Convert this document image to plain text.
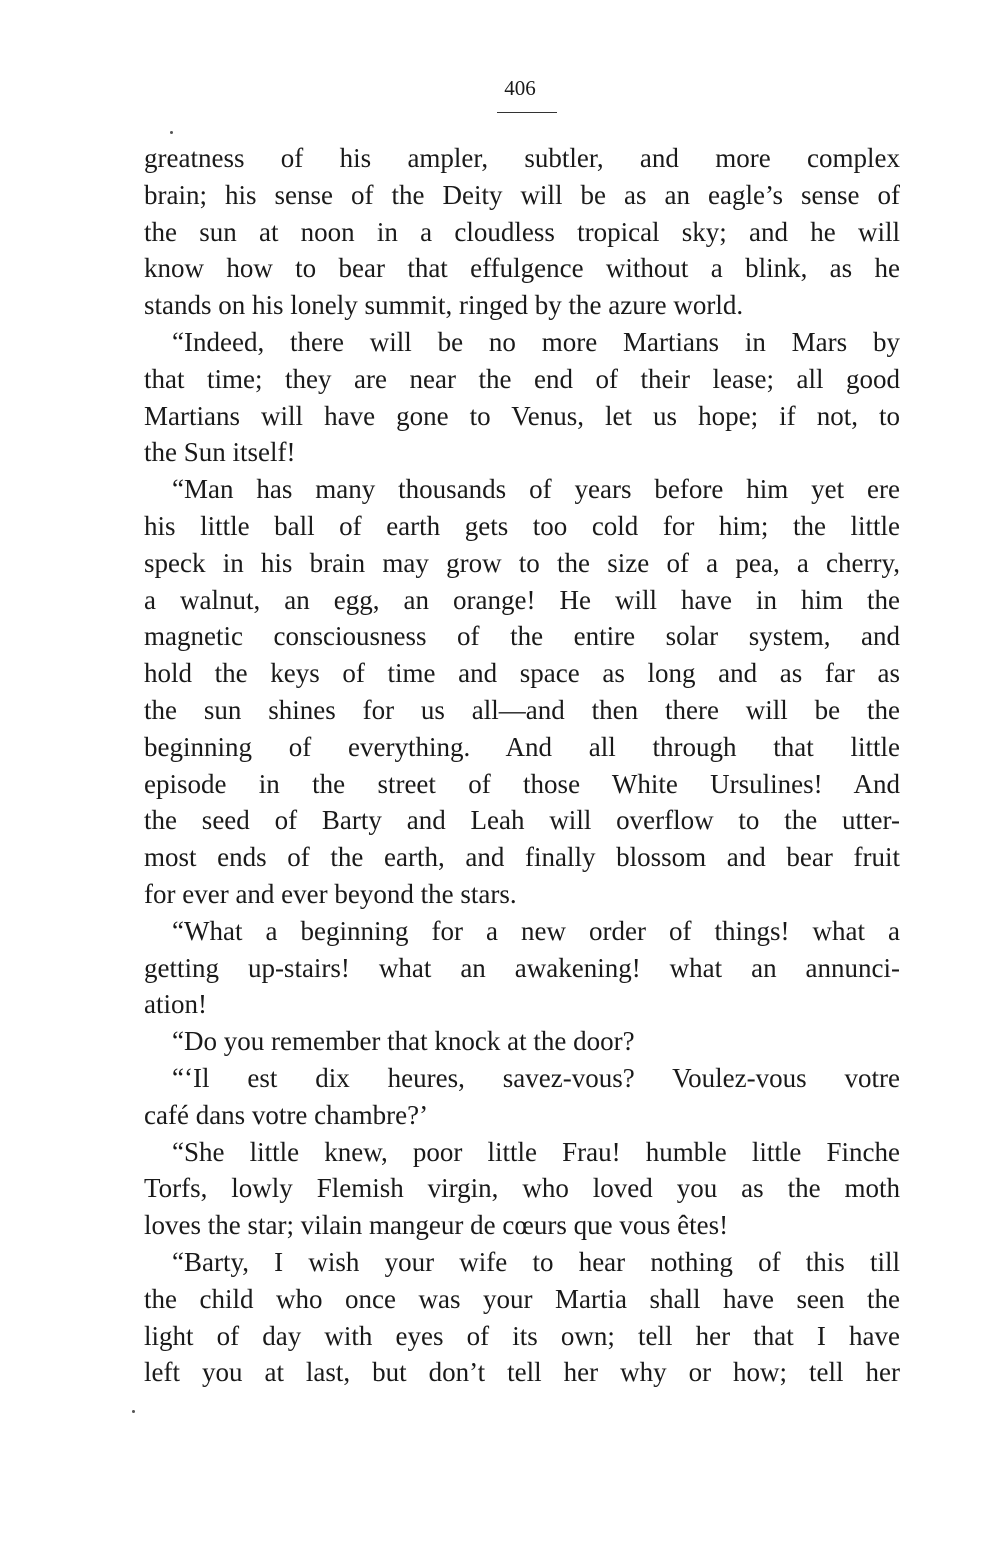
406
greatness of his ampler, subtler, and more complex
brain; his sense of the Deity will be as an eagle’s sense of
the sun at noon in a cloudless tropical sky; and he will
know how to bear that effulgence without a blink, as he
stands on his lonely summit, ringed by the azure world.
“Indeed, there will be no more Martians in Mars by
that time; they are near the end of their lease; all good
Martians will have gone to Venus, let us hope; if not, to
the Sun itself!
“Man has many thousands of years before him yet ere
his little ball of earth gets too cold for him; the little
speck in his brain may grow to the size of a pea, a cherry,
a walnut, an egg, an orange! He will have in him the
magnetic consciousness of the entire solar system, and
hold the keys of time and space as long and as far as
the sun shines for us all—and then there will be the
beginning of everything. And all through that little
episode in the street of those White Ursulines! And
the seed of Barty and Leah will overflow to the utter-
most ends of the earth, and finally blossom and bear fruit
for ever and ever beyond the stars.
“What a beginning for a new order of things! what a
getting up-stairs! what an awakening! what an annunci-
ation!
“Do you remember that knock at the door?
“‘Il est dix heures, savez-vous? Voulez-vous votre
café dans votre chambre?’
“She little knew, poor little Frau! humble little Finche
Torfs, lowly Flemish virgin, who loved you as the moth
loves the star; vilain mangeur de cœurs que vous êtes!
“Barty, I wish your wife to hear nothing of this till
the child who once was your Martia shall have seen the
light of day with eyes of its own; tell her that I have
left you at last, but don’t tell her why or how; tell her
